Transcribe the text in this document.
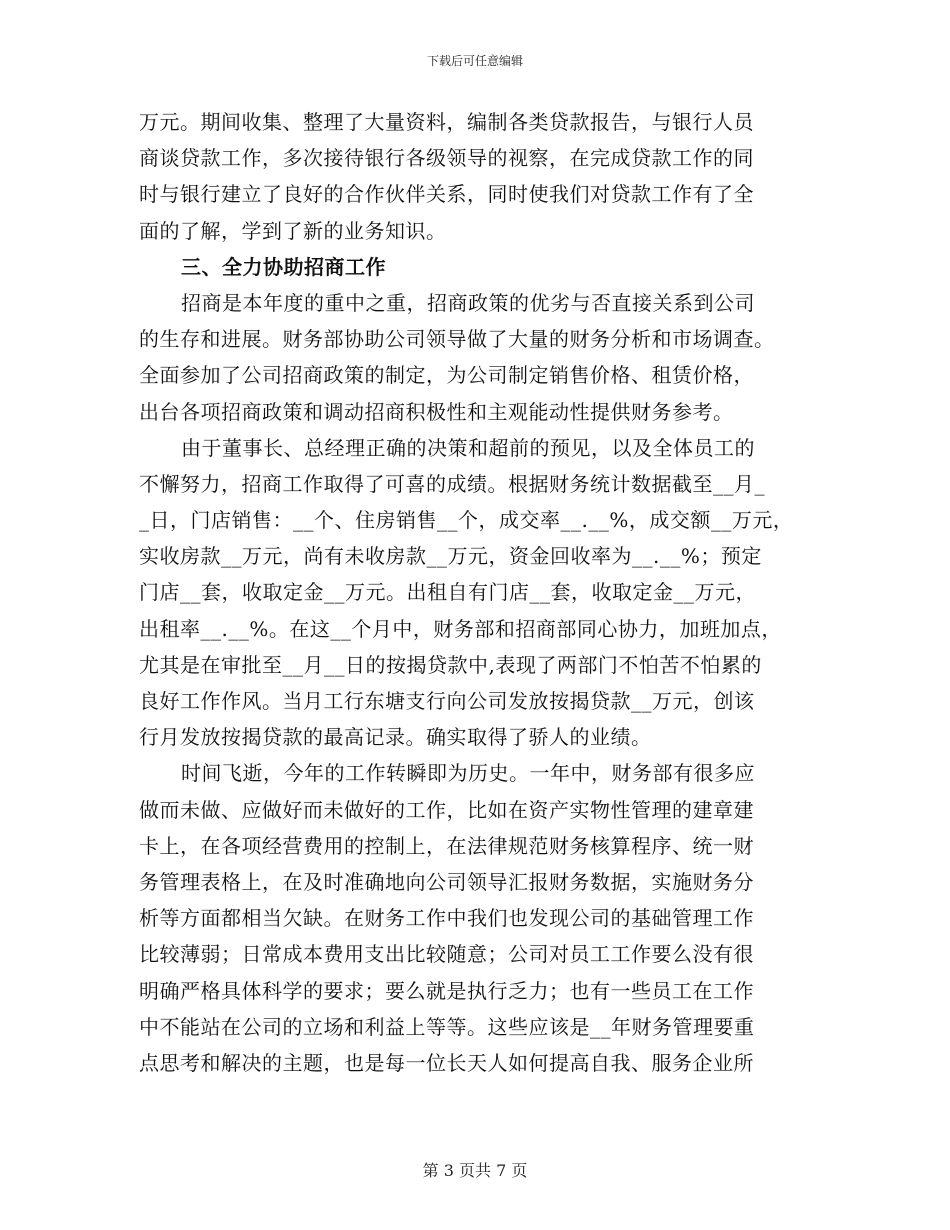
下载后可任意编辑
万元。期间收集、整理了大量资料，编制各类贷款报告，与银行人员
商谈贷款工作，多次接待银行各级领导的视察，在完成贷款工作的同
时与银行建立了良好的合作伙伴关系，同时使我们对贷款工作有了全
面的了解，学到了新的业务知识。
三、全力协助招商工作
招商是本年度的重中之重，招商政策的优劣与否直接关系到公司
的生存和进展。财务部协助公司领导做了大量的财务分析和市场调查。
全面参加了公司招商政策的制定，为公司制定销售价格、租赁价格，
出台各项招商政策和调动招商积极性和主观能动性提供财务参考。
由于董事长、总经理正确的决策和超前的预见，以及全体员工的
不懈努力，招商工作取得了可喜的成绩。根据财务统计数据截至__月_
_日，门店销售：__个、住房销售__个，成交率__.__%，成交额__万元，
实收房款__万元，尚有未收房款__万元，资金回收率为__.__%；预定
门店__套，收取定金__万元。出租自有门店__套，收取定金__万元，
出租率__.__%。在这__个月中，财务部和招商部同心协力，加班加点，
尤其是在审批至__月__日的按揭贷款中,表现了两部门不怕苦不怕累的
良好工作作风。当月工行东塘支行向公司发放按揭贷款__万元，创该
行月发放按揭贷款的最高记录。确实取得了骄人的业绩。
时间飞逝，今年的工作转瞬即为历史。一年中，财务部有很多应
做而未做、应做好而未做好的工作，比如在资产实物性管理的建章建
卡上，在各项经营费用的控制上，在法律规范财务核算程序、统一财
务管理表格上，在及时准确地向公司领导汇报财务数据，实施财务分
析等方面都相当欠缺。在财务工作中我们也发现公司的基础管理工作
比较薄弱；日常成本费用支出比较随意；公司对员工工作要么没有很
明确严格具体科学的要求；要么就是执行乏力；也有一些员工在工作
中不能站在公司的立场和利益上等等。这些应该是__年财务管理要重
点思考和解决的主题，也是每一位长天人如何提高自我、服务企业所
第 3 页共 7 页
